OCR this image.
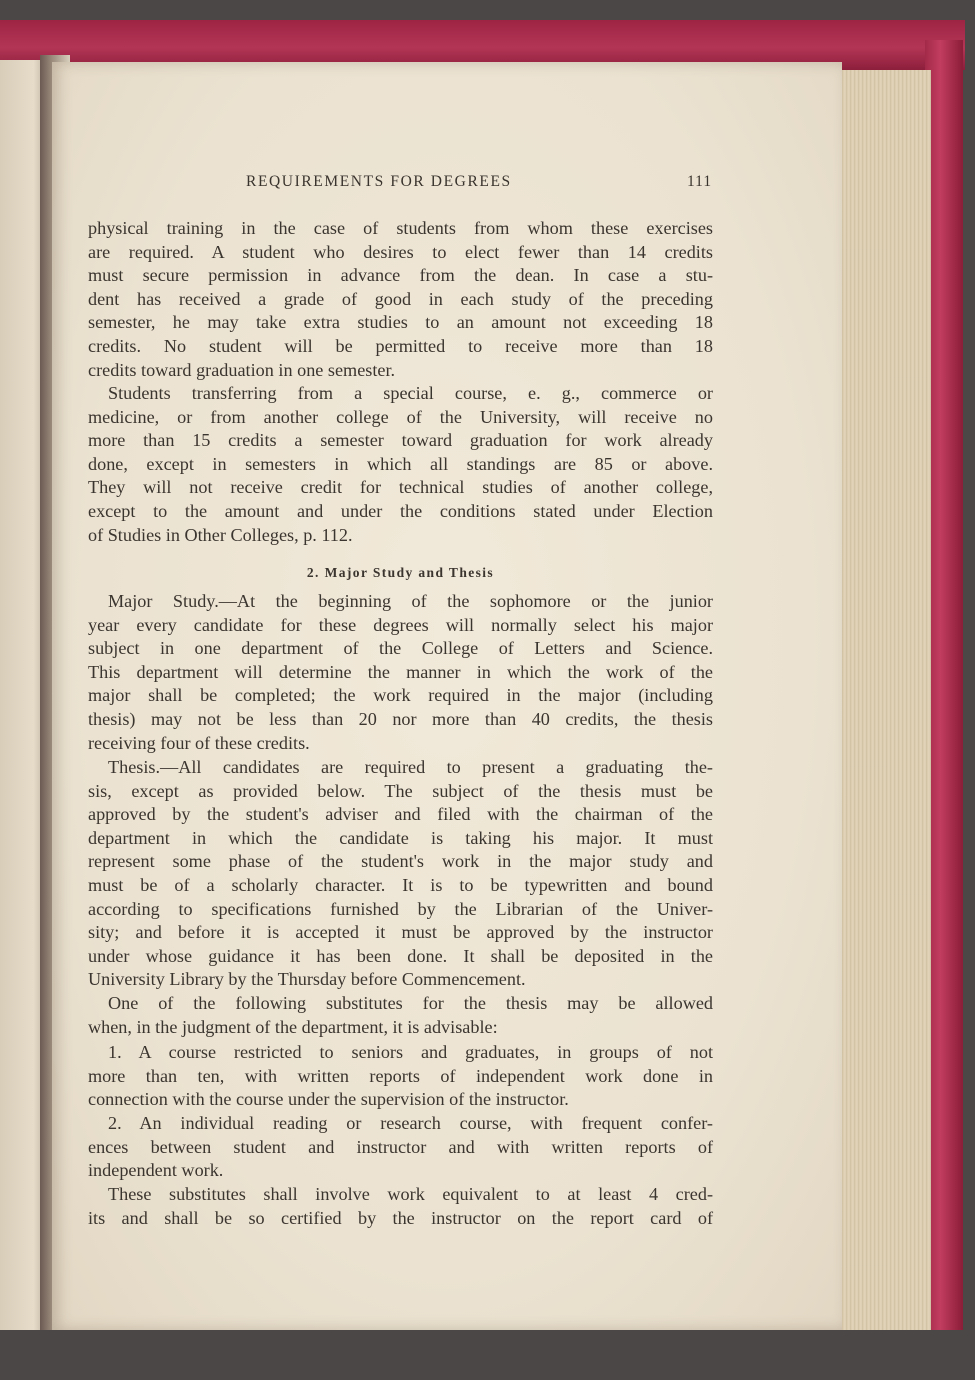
REQUIREMENTS FOR DEGREES	111
physical training in the case of students from whom these exercises
are required. A student who desires to elect fewer than 14 credits
must secure permission in advance from the dean. In case a stu-
dent has received a grade of good in each study of the preceding
semester, he may take extra studies to an amount not exceeding 18
credits. No student will be permitted to receive more than 18
credits toward graduation in one semester.
Students transferring from a special course, e. g., commerce or
medicine, or from another college of the University, will receive no
more than 15 credits a semester toward graduation for work already
done, except in semesters in which all standings are 85 or above.
They will not receive credit for technical studies of another college,
except to the amount and under the conditions stated under Election
of Studies in Other Colleges, p. 112.
2. Major Study and Thesis
Major Study.—At the beginning of the sophomore or the junior
year every candidate for these degrees will normally select his major
subject in one department of the College of Letters and Science.
This department will determine the manner in which the work of the
major shall be completed; the work required in the major (including
thesis) may not be less than 20 nor more than 40 credits, the thesis
receiving four of these credits.
Thesis.—All candidates are required to present a graduating the-
sis, except as provided below. The subject of the thesis must be
approved by the student's adviser and filed with the chairman of the
department in which the candidate is taking his major. It must
represent some phase of the student's work in the major study and
must be of a scholarly character. It is to be typewritten and bound
according to specifications furnished by the Librarian of the Univer-
sity; and before it is accepted it must be approved by the instructor
under whose guidance it has been done. It shall be deposited in the
University Library by the Thursday before Commencement.
One of the following substitutes for the thesis may be allowed
when, in the judgment of the department, it is advisable:
1. A course restricted to seniors and graduates, in groups of not
more than ten, with written reports of independent work done in
connection with the course under the supervision of the instructor.
2. An individual reading or research course, with frequent confer-
ences between student and instructor and with written reports of
independent work.
These substitutes shall involve work equivalent to at least 4 cred-
its and shall be so certified by the instructor on the report card of
